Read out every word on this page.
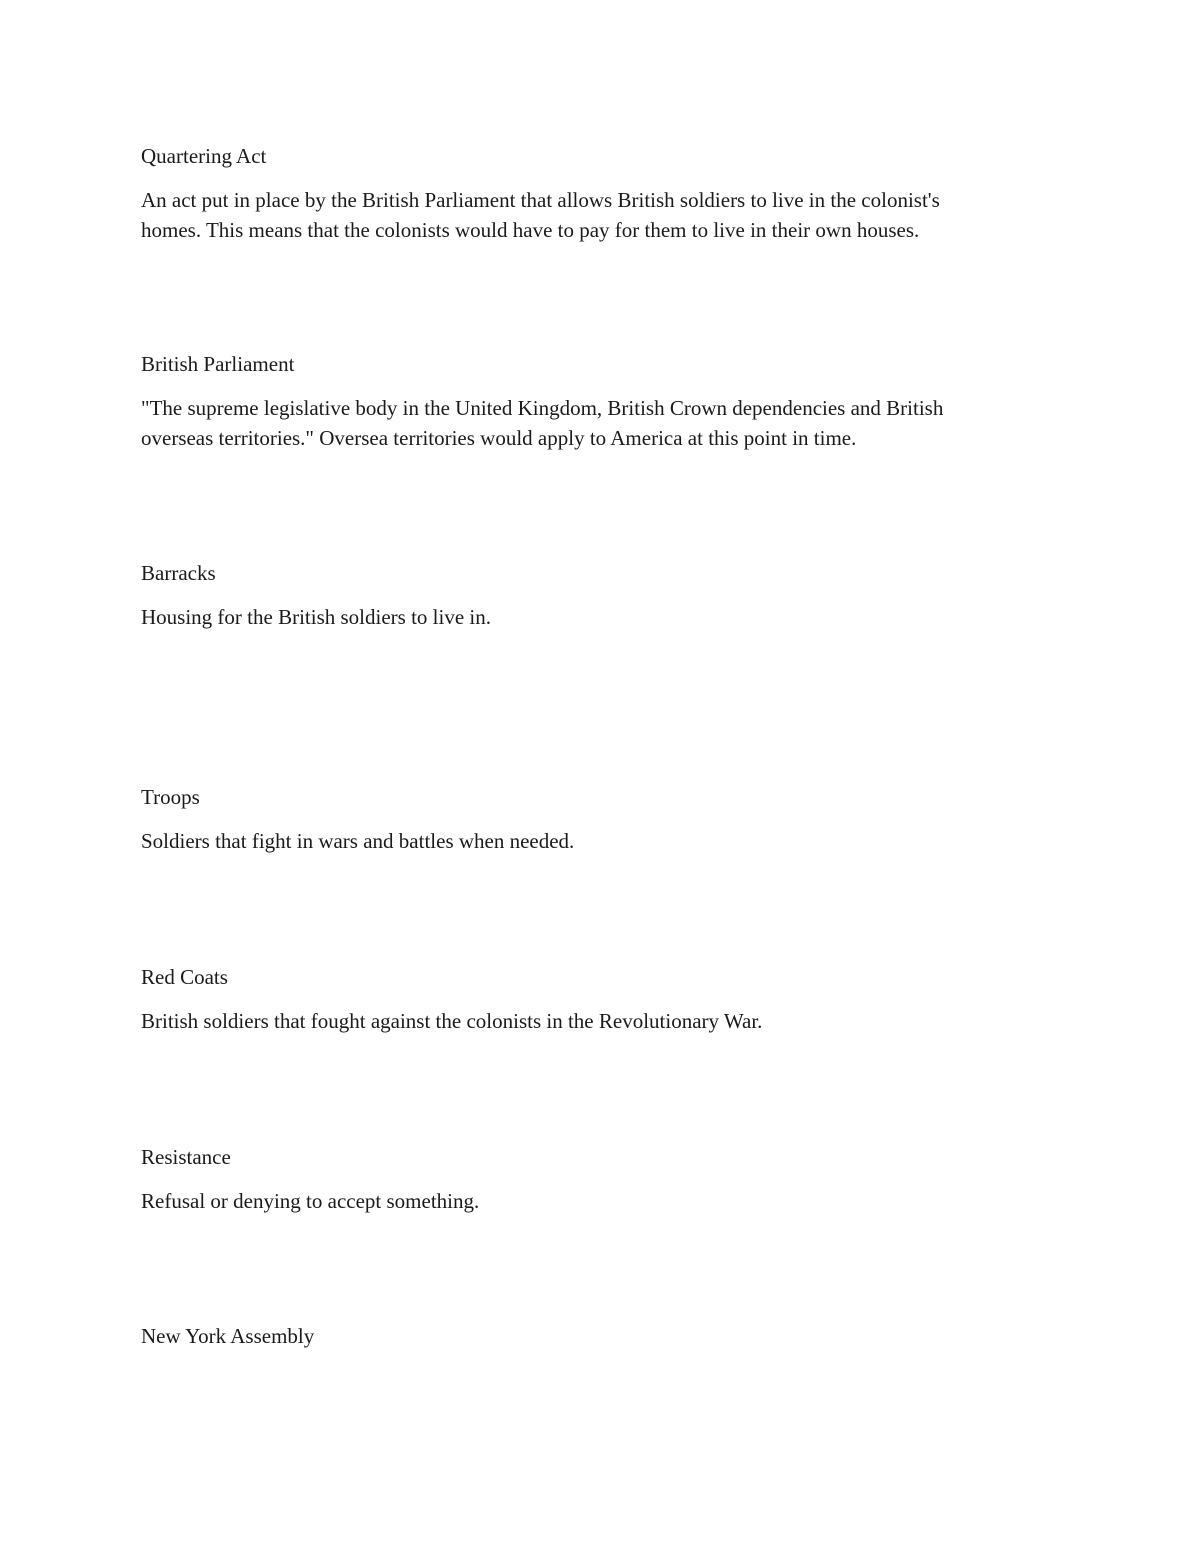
Quartering Act

An act put in place by the British Parliament that allows British soldiers to live in the colonist's
homes. This means that the colonists would have to pay for them to live in their own houses.

British Parliament

"The supreme legislative body in the United Kingdom, British Crown dependencies and British
overseas territories." Oversea territories would apply to America at this point in time.

Barracks

Housing for the British soldiers to live in.

Troops

Soldiers that fight in wars and battles when needed.

Red Coats

British soldiers that fought against the colonists in the Revolutionary War.

Resistance

Refusal or denying to accept something.

New York Assembly
